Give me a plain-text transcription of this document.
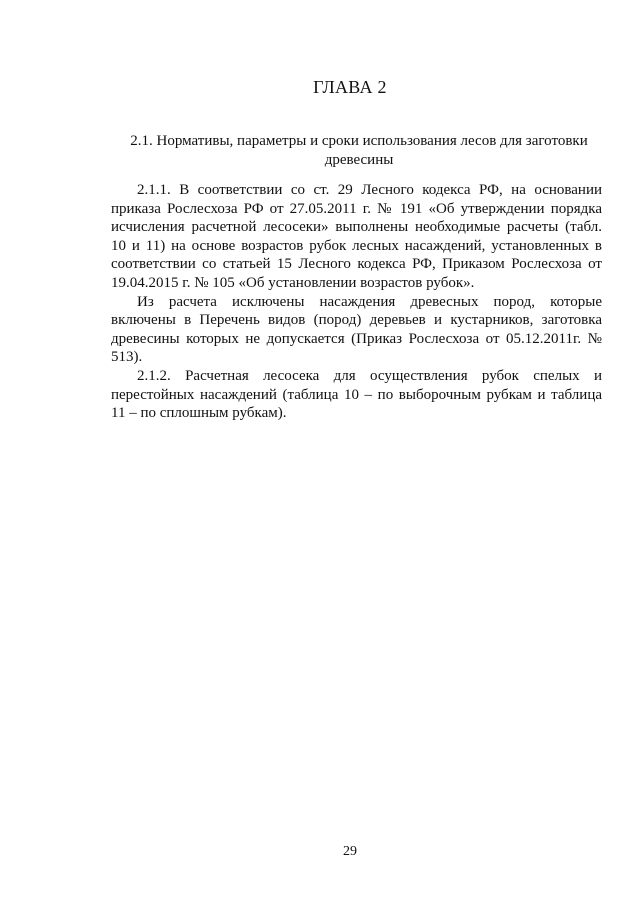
ГЛАВА 2
2.1. Нормативы, параметры и сроки использования лесов для заготовки
древесины

2.1.1. В соответствии со ст. 29 Лесного кодекса РФ, на основании приказа Рослесхоза РФ от 27.05.2011 г. № 191 «Об утверждении порядка исчисления расчетной лесосеки» выполнены необходимые расчеты (табл. 10 и 11) на основе возрастов рубок лесных насаждений, установленных в соответствии со статьей 15 Лесного кодекса РФ, Приказом Рослесхоза от 19.04.2015 г. № 105 «Об установлении возрастов рубок».

Из расчета исключены насаждения древесных пород, которые включены в Перечень видов (пород) деревьев и кустарников, заготовка древесины которых не допускается (Приказ Рослесхоза от 05.12.2011г. № 513).

2.1.2. Расчетная лесосека для осуществления рубок спелых и перестойных насаждений (таблица 10 – по выборочным рубкам и таблица 11 – по сплошным рубкам).

29
